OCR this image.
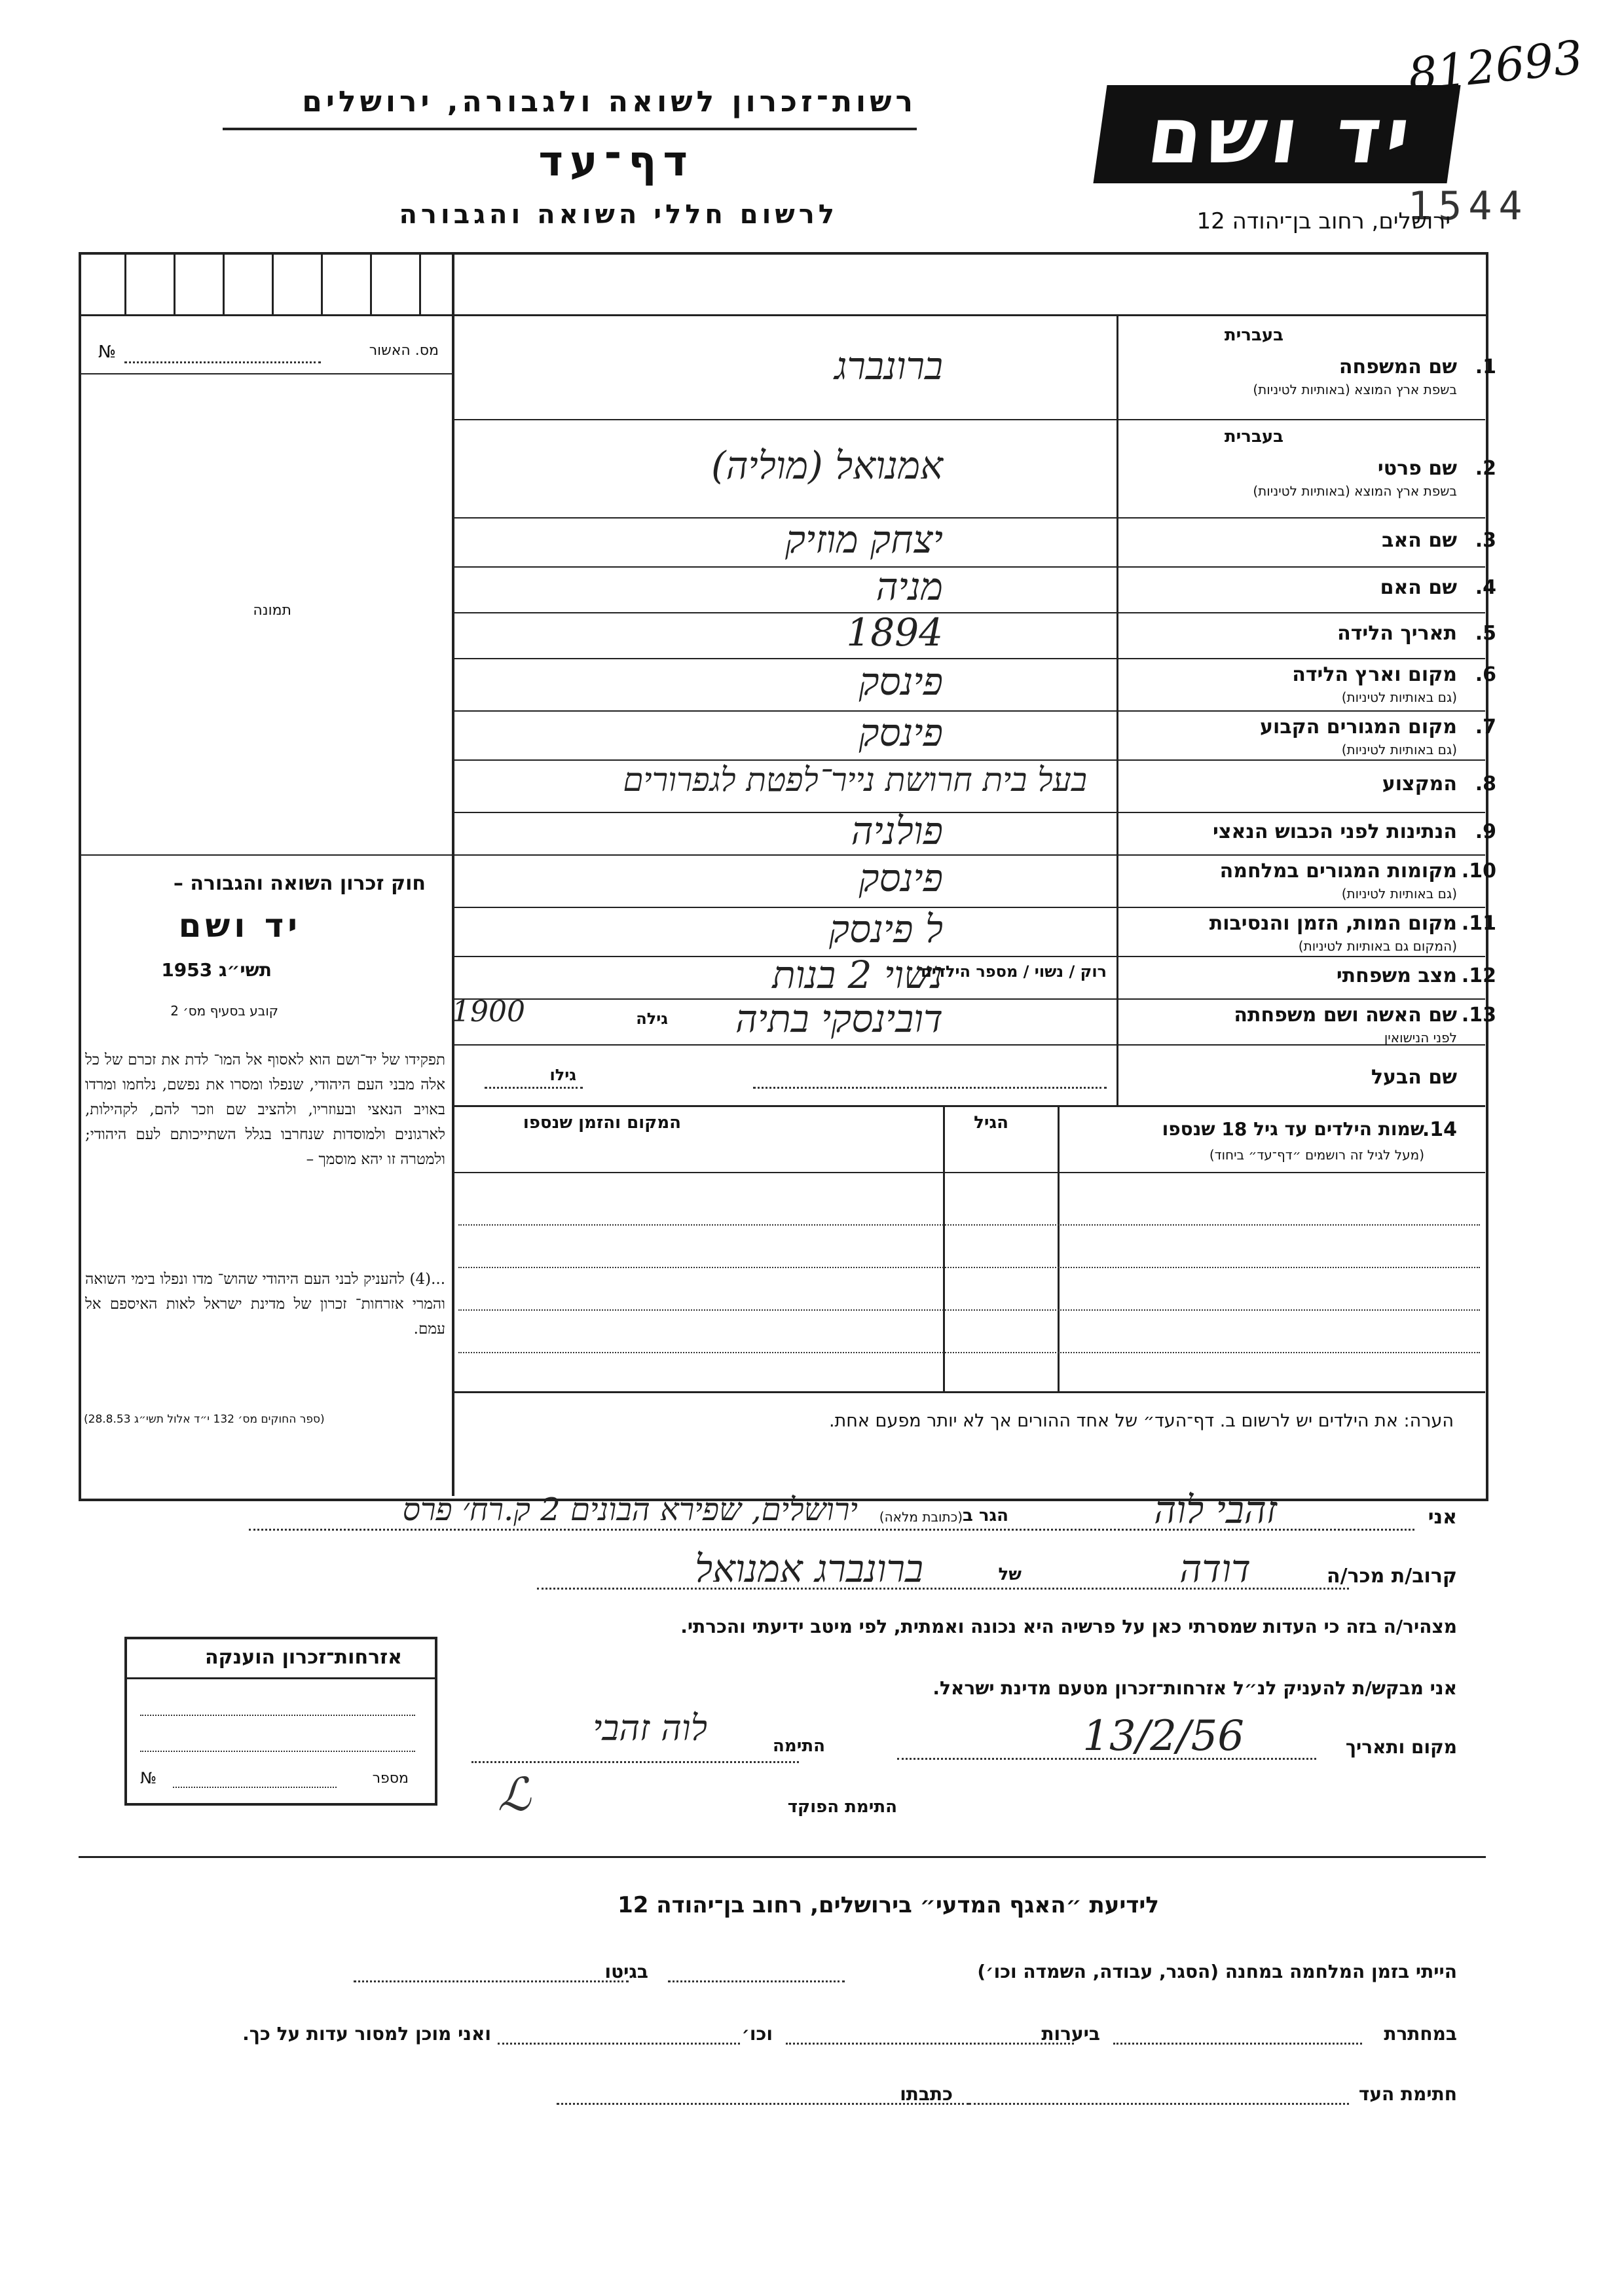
רשות־זכרון לשואה ולגבורה, ירושלים
דף־עד
לרשום חללי השואה והגבורה
יד ושם
812693
1544
ירושלים, רחוב בן־יהודה 12
מס. האשור
№
תמונה
חוק זכרון השואה והגבורה –
יד ושם
תשי״ג 1953
קובע בסעיף מס׳ 2
תפקידו של יד־ושם הוא לאסוף אל המו־ לדת את זכרם של כל אלה מבני העם היהודי, שנפלו ומסרו את נפשם, נלחמו ומרדו באויב הנאצי ובעוזריו, ולהציב שם וזכר להם, לקהילות, לארגונים ולמוסדות שנחרבו בגלל השתייכותם לעם היהודי; ולמטרה זו יהא מוסמך –
...(4) להעניק לבני העם היהודי שהוש־ מדו ונפלו בימי השואה והמרי אזרחות־ זכרון של מדינת ישראל לאות האיספם אל עמם.
(ספר החוקים מס׳ 132 י״ד אלול תשי״ג 28.8.53)
1.
שם המשפחה
בשפת ארץ המוצא (באותיות לטיניות)
בעברית
ברונברג
2.
שם פרטי
בשפת ארץ המוצא (באותיות לטיניות)
בעברית
אמנואל (מוליה)
3.
שם האב
יצחק מוזיק
4.
שם האם
מניה
5.
תאריך הלידה
1894
6.
מקום וארץ הלידה
(גם באותיות לטיניות)
פינסק
7.
מקום המגורים הקבוע
(גם באותיות לטיניות)
פינסק
8.
המקצוע
בעל בית חרושת נייר־לפטת לגפרורים
9.
הנתינות לפני הכבוש הנאצי
פולניה
10.
מקומות המגורים במלחמה
(גם באותיות לטיניות)
פינסק
11.
מקום המות, הזמן והנסיבות
(המקום גם באותיות לטיניות)
ל פינסק
12.
מצב משפחתי
נשוי 2 בנות
13.
שם האשה ושם משפחתה
לפני הנישואין
דובינסקי בתיה
רוק / נשוי / מספר הילדים
גילה
1900
שם הבעל
גילו
14.
שמות הילדים עד גיל 18 שנספו
(מעל לגיל זה רושמים ״דף־עד״ ביחוד)
הגיל
המקום והזמן שנספו
הערה: את הילדים יש לרשום ב. דף־העד״ של אחד ההורים אך לא יותר מפעם אחת.
אני
זהבי לוה
הגר ב
(כתובת מלאה)
ירושלים, שפירא הבונים 2 ק.רח׳ פרס
קרוב/ת מכר/ה
דודה
של
ברונברג אמנואל
מצהיר/ה בזה כי העדות שמסרתי כאן על פרשיה היא נכונה ואמתית, לפי מיטב ידיעתי והכרתי.
אני מבקש/ת להעניק לנ״ל אזרחות־זכרון מטעם מדינת ישראל.
מקום ותאריך
13/2/56
התימה
לוה זהבי
התימת הפוקד
ℒ
אזרחות־זכרון הוענקה
מספר
№
לידיעת ״האגף המדעי״ בירושלים, רחוב בן־יהודה 12
הייתי בזמן המלחמה במחנה (הסגר, עבודה, השמדה וכו׳)
בגיטו
במחתרת
ביערות
וכו׳
ואני מוכן למסור עדות על כך.
חתימת העד
כתבתו
